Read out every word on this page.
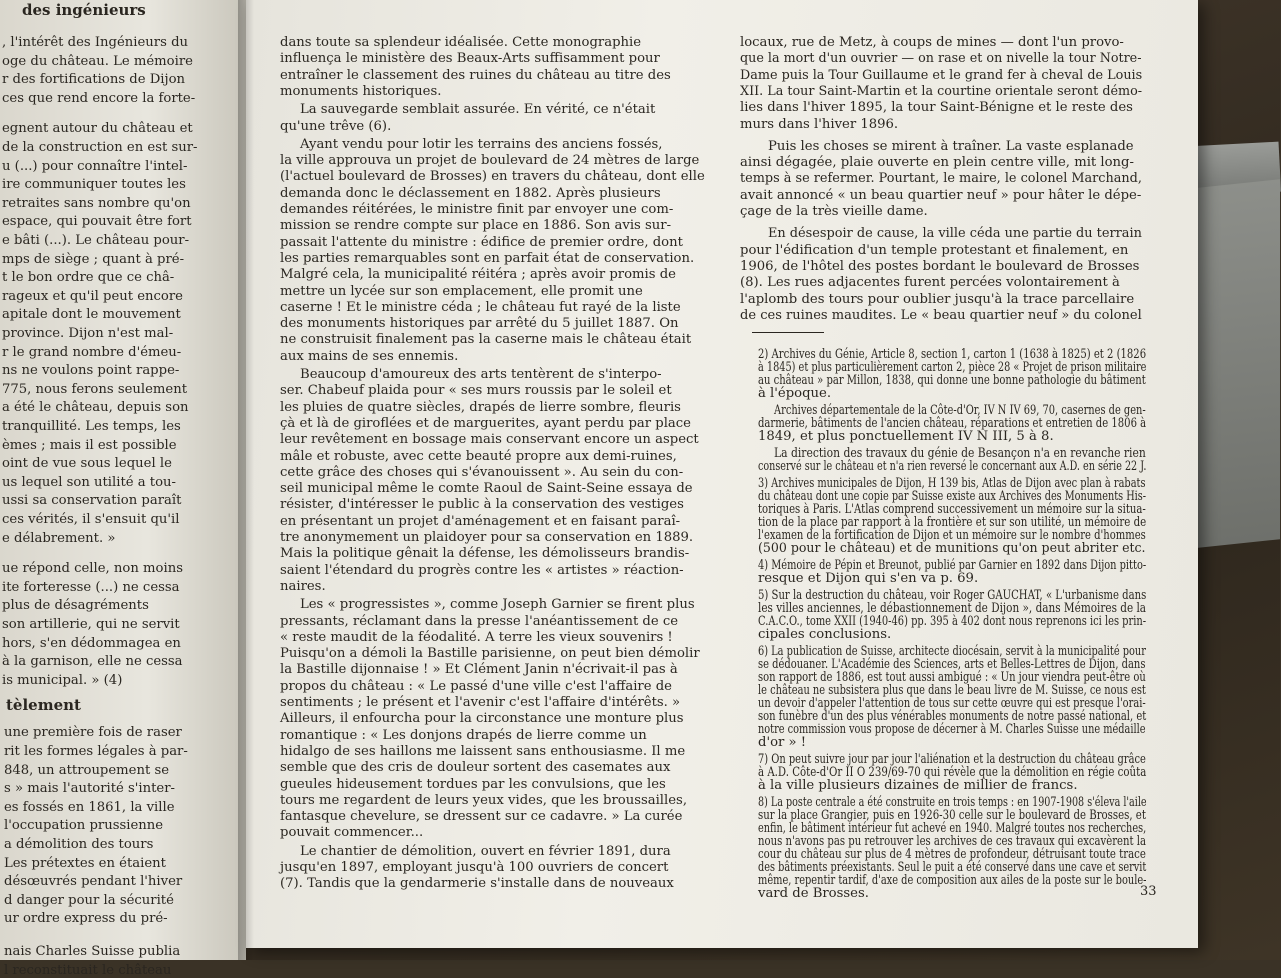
des ingénieurs
, l'intérêt des Ingénieurs du
oge du château. Le mémoire
r des fortifications de Dijon
ces que rend encore la forte-
egnent autour du château et
de la construction en est sur-
u (...) pour connaître l'intel-
ire communiquer toutes les
retraites sans nombre qu'on
espace, qui pouvait être fort
e bâti (...). Le château pour-
mps de siège ; quant à pré-
t le bon ordre que ce châ-
rageux et qu'il peut encore
apitale dont le mouvement
province. Dijon n'est mal-
r le grand nombre d'émeu-
ns ne voulons point rappe-
775, nous ferons seulement
a été le château, depuis son
tranquillité. Les temps, les
èmes ; mais il est possible
oint de vue sous lequel le
us lequel son utilité a tou-
ussi sa conservation paraît
ces vérités, il s'ensuit qu'il
e délabrement. »
ue répond celle, non moins
ite forteresse (...) ne cessa
plus de désagréments
son artillerie, qui ne servit
hors, s'en dédommagea en
à la garnison, elle ne cessa
is municipal. » (4)
tèlement
une première fois de raser
rit les formes légales à par-
848, un attroupement se
s » mais l'autorité s'inter-
es fossés en 1861, la ville
l'occupation prussienne
a démolition des tours
Les prétextes en étaient
désœuvrés pendant l'hiver
d danger pour la sécurité
ur ordre express du pré-
nais Charles Suisse publia
l reconstituait le château
dans toute sa splendeur idéalisée. Cette monographie
influença le ministère des Beaux-Arts suffisamment pour
entraîner le classement des ruines du château au titre des
monuments historiques.
La sauvegarde semblait assurée. En vérité, ce n'était
qu'une trêve (6).
Ayant vendu pour lotir les terrains des anciens fossés,
la ville approuva un projet de boulevard de 24 mètres de large
(l'actuel boulevard de Brosses) en travers du château, dont elle
demanda donc le déclassement en 1882. Après plusieurs
demandes réitérées, le ministre finit par envoyer une com-
mission se rendre compte sur place en 1886. Son avis sur-
passait l'attente du ministre : édifice de premier ordre, dont
les parties remarquables sont en parfait état de conservation.
Malgré cela, la municipalité réitéra ; après avoir promis de
mettre un lycée sur son emplacement, elle promit une
caserne ! Et le ministre céda ; le château fut rayé de la liste
des monuments historiques par arrêté du 5 juillet 1887. On
ne construisit finalement pas la caserne mais le château était
aux mains de ses ennemis.
Beaucoup d'amoureux des arts tentèrent de s'interpo-
ser. Chabeuf plaida pour « ses murs roussis par le soleil et
les pluies de quatre siècles, drapés de lierre sombre, fleuris
çà et là de giroflées et de marguerites, ayant perdu par place
leur revêtement en bossage mais conservant encore un aspect
mâle et robuste, avec cette beauté propre aux demi-ruines,
cette grâce des choses qui s'évanouissent ». Au sein du con-
seil municipal même le comte Raoul de Saint-Seine essaya de
résister, d'intéresser le public à la conservation des vestiges
en présentant un projet d'aménagement et en faisant paraî-
tre anonymement un plaidoyer pour sa conservation en 1889.
Mais la politique gênait la défense, les démolisseurs brandis-
saient l'étendard du progrès contre les « artistes » réaction-
naires.
Les « progressistes », comme Joseph Garnier se firent plus
pressants, réclamant dans la presse l'anéantissement de ce
« reste maudit de la féodalité. A terre les vieux souvenirs !
Puisqu'on a démoli la Bastille parisienne, on peut bien démolir
la Bastille dijonnaise ! » Et Clément Janin n'écrivait-il pas à
propos du château : « Le passé d'une ville c'est l'affaire de
sentiments ; le présent et l'avenir c'est l'affaire d'intérêts. »
Ailleurs, il enfourcha pour la circonstance une monture plus
romantique : « Les donjons drapés de lierre comme un
hidalgo de ses haillons me laissent sans enthousiasme. Il me
semble que des cris de douleur sortent des casemates aux
gueules hideusement tordues par les convulsions, que les
tours me regardent de leurs yeux vides, que les broussailles,
fantasque chevelure, se dressent sur ce cadavre. » La curée
pouvait commencer...
Le chantier de démolition, ouvert en février 1891, dura
jusqu'en 1897, employant jusqu'à 100 ouvriers de concert
(7). Tandis que la gendarmerie s'installe dans de nouveaux
locaux, rue de Metz, à coups de mines — dont l'un provo-
que la mort d'un ouvrier — on rase et on nivelle la tour Notre-
Dame puis la Tour Guillaume et le grand fer à cheval de Louis
XII. La tour Saint-Martin et la courtine orientale seront démo-
lies dans l'hiver 1895, la tour Saint-Bénigne et le reste des
murs dans l'hiver 1896.
Puis les choses se mirent à traîner. La vaste esplanade
ainsi dégagée, plaie ouverte en plein centre ville, mit long-
temps à se refermer. Pourtant, le maire, le colonel Marchand,
avait annoncé « un beau quartier neuf » pour hâter le dépe-
çage de la très vieille dame.
En désespoir de cause, la ville céda une partie du terrain
pour l'édification d'un temple protestant et finalement, en
1906, de l'hôtel des postes bordant le boulevard de Brosses
(8). Les rues adjacentes furent percées volontairement à
l'aplomb des tours pour oublier jusqu'à la trace parcellaire
de ces ruines maudites. Le « beau quartier neuf » du colonel
2) Archives du Génie, Article 8, section 1, carton 1 (1638 à 1825) et 2 (1826
à 1845) et plus particulièrement carton 2, pièce 28 « Projet de prison militaire
au château » par Millon, 1838, qui donne une bonne pathologie du bâtiment
à l'époque.
Archives départementale de la Côte-d'Or, IV N IV 69, 70, casernes de gen-
darmerie, bâtiments de l'ancien château, réparations et entretien de 1806 à
1849, et plus ponctuellement IV N III, 5 à 8.
La direction des travaux du génie de Besançon n'a en revanche rien
conservé sur le château et n'a rien reversé le concernant aux A.D. en série 22 J.
3) Archives municipales de Dijon, H 139 bis, Atlas de Dijon avec plan à rabats
du château dont une copie par Suisse existe aux Archives des Monuments His-
toriques à Paris. L'Atlas comprend successivement un mémoire sur la situa-
tion de la place par rapport à la frontière et sur son utilité, un mémoire de
l'examen de la fortification de Dijon et un mémoire sur le nombre d'hommes
(500 pour le château) et de munitions qu'on peut abriter etc.
4) Mémoire de Pépin et Breunot, publié par Garnier en 1892 dans Dijon pitto-
resque et Dijon qui s'en va p. 69.
5) Sur la destruction du château, voir Roger GAUCHAT, « L'urbanisme dans
les villes anciennes, le débastionnement de Dijon », dans Mémoires de la
C.A.C.O., tome XXII (1940-46) pp. 395 à 402 dont nous reprenons ici les prin-
cipales conclusions.
6) La publication de Suisse, architecte diocésain, servit à la municipalité pour
se dédouaner. L'Académie des Sciences, arts et Belles-Lettres de Dijon, dans
son rapport de 1886, est tout aussi ambigué : « Un jour viendra peut-être où
le château ne subsistera plus que dans le beau livre de M. Suisse, ce nous est
un devoir d'appeler l'attention de tous sur cette œuvre qui est presque l'orai-
son funèbre d'un des plus vénérables monuments de notre passé national, et
notre commission vous propose de décerner à M. Charles Suisse une médaille
d'or » !
7) On peut suivre jour par jour l'aliénation et la destruction du château grâce
à A.D. Côte-d'Or II O 239/69-70 qui révèle que la démolition en régie coûta
à la ville plusieurs dizaines de millier de francs.
8) La poste centrale a été construite en trois temps : en 1907-1908 s'éleva l'aile
sur la place Grangier, puis en 1926-30 celle sur le boulevard de Brosses, et
enfin, le bâtiment intérieur fut achevé en 1940. Malgré toutes nos recherches,
nous n'avons pas pu retrouver les archives de ces travaux qui excavèrent la
cour du château sur plus de 4 mètres de profondeur, détruisant toute trace
des bâtiments préexistants. Seul le puit a été conservé dans une cave et servit
même, repentir tardif, d'axe de composition aux ailes de la poste sur le boule-
vard de Brosses.	33
